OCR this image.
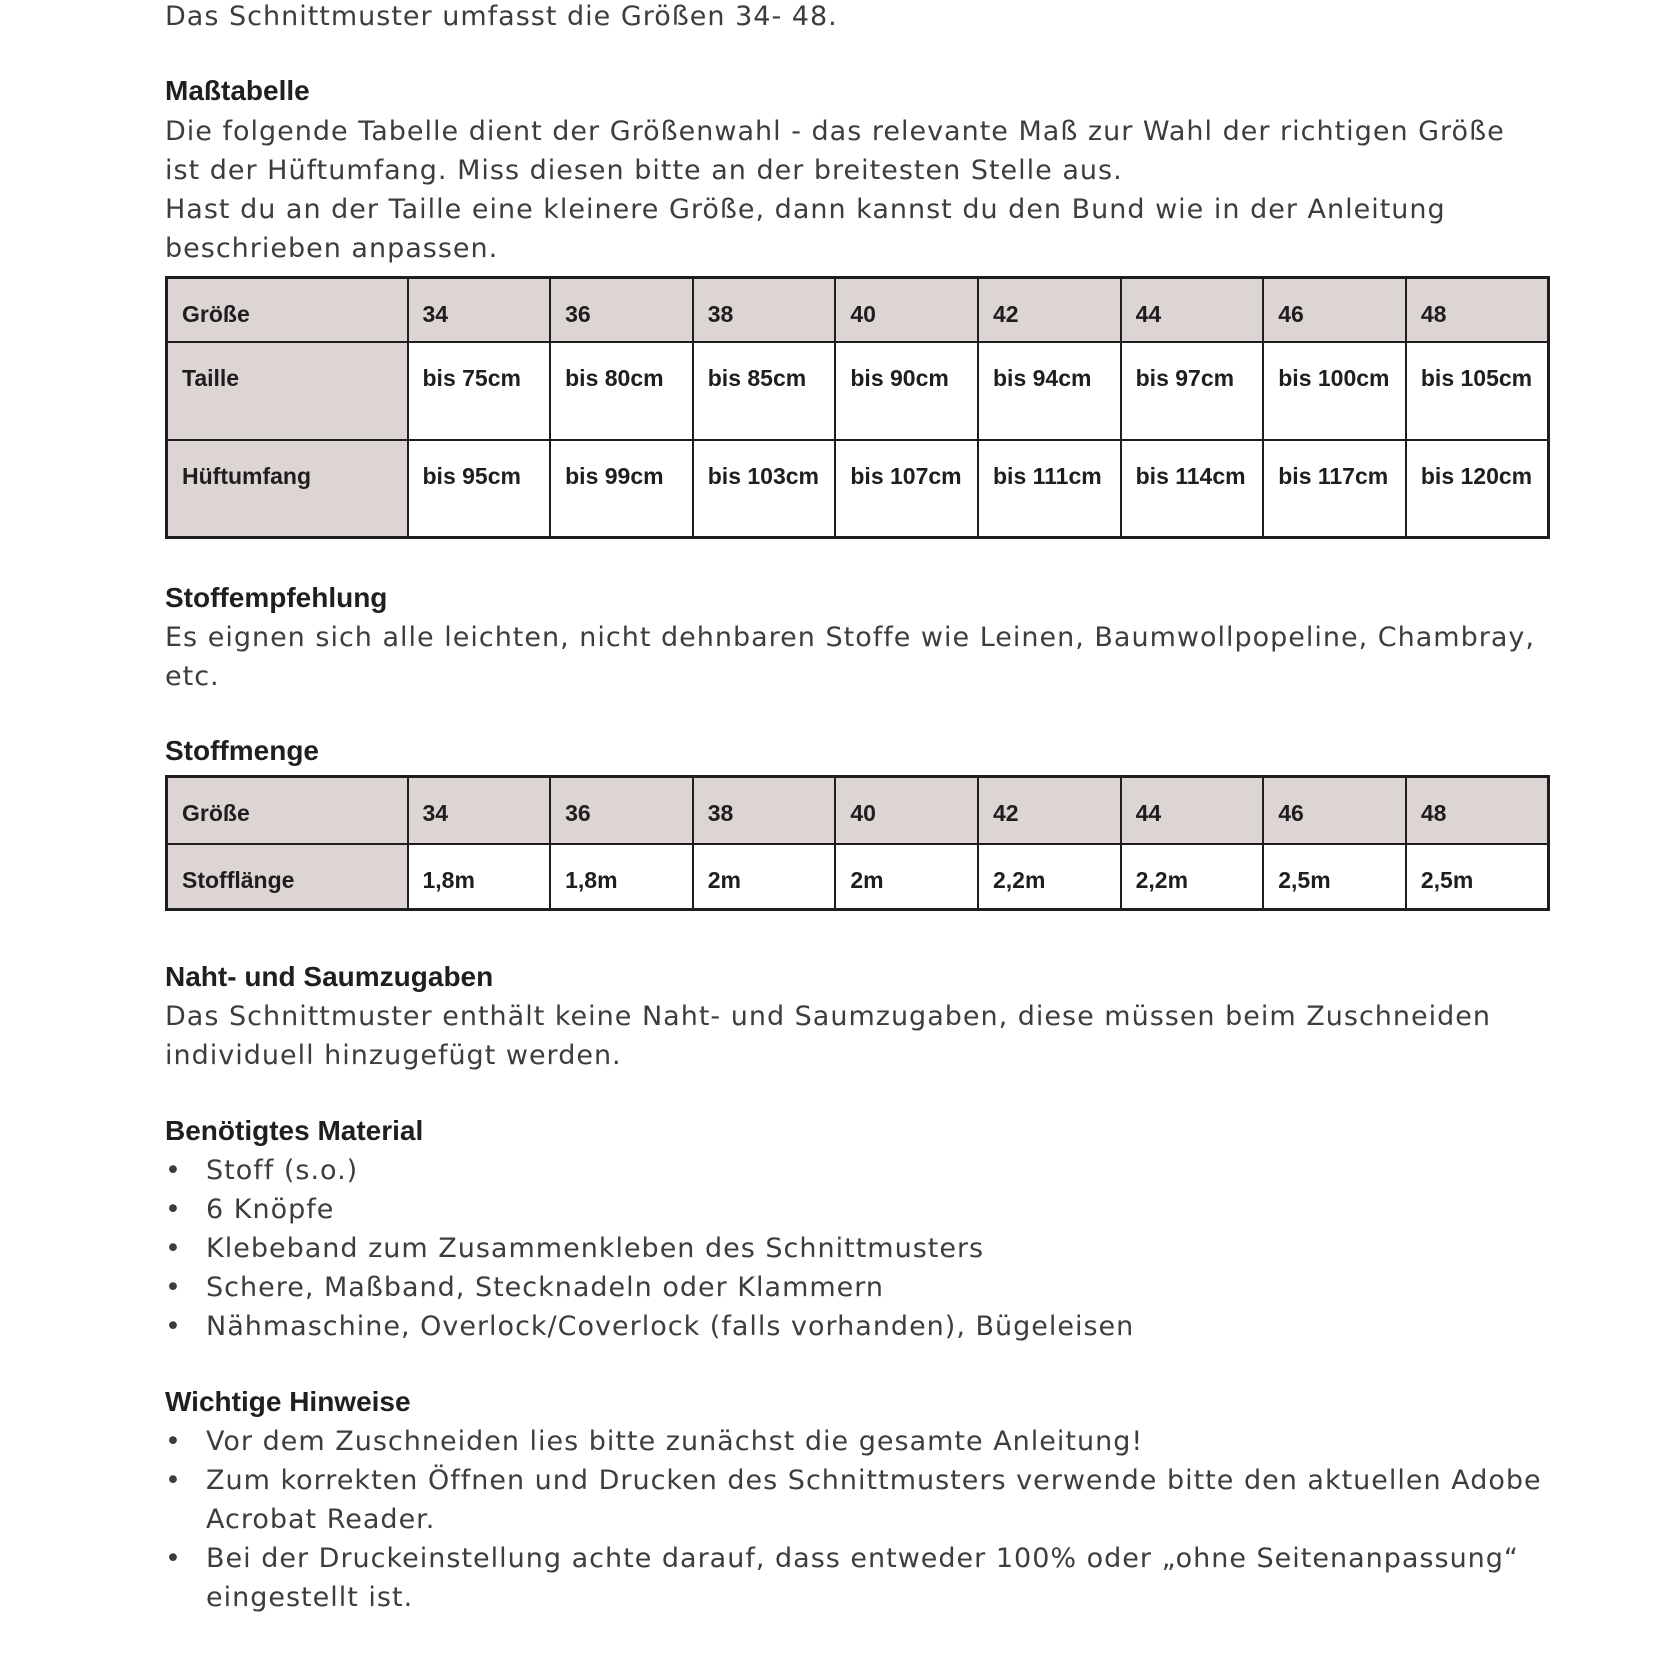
Das Schnittmuster umfasst die Größen 34- 48.

Maßtabelle

Die folgende Tabelle dient der Größenwahl - das relevante Maß zur Wahl der richtigen Größe
ist der Hüftumfang. Miss diesen bitte an der breitesten Stelle aus.
Hast du an der Taille eine kleinere Größe, dann kannst du den Bund wie in der Anleitung
beschrieben anpassen.

Größe	34	36	38	40	42	44	46	48
Taille	bis 75cm	bis 80cm	bis 85cm	bis 90cm	bis 94cm	bis 97cm	bis 100cm	bis 105cm
Hüftumfang	bis 95cm	bis 99cm	bis 103cm	bis 107cm	bis 111cm	bis 114cm	bis 117cm	bis 120cm
Stoffempfehlung

Es eignen sich alle leichten, nicht dehnbaren Stoffe wie Leinen, Baumwollpopeline, Chambray,
etc.

Stoffmenge
Größe	34	36	38	40	42	44	46	48
Stofflänge	1,8m	1,8m	2m	2m	2,2m	2,2m	2,5m	2,5m
Naht- und Saumzugaben

Das Schnittmuster enthält keine Naht- und Saumzugaben, diese müssen beim Zuschneiden
individuell hinzugefügt werden.

Benötigtes Material
• Stoff (s.o.)
• 6 Knöpfe
• Klebeband zum Zusammenkleben des Schnittmusters
• Schere, Maßband, Stecknadeln oder Klammern
• Nähmaschine, Overlock/Coverlock (falls vorhanden), Bügeleisen
Wichtige Hinweise
• Vor dem Zuschneiden lies bitte zunächst die gesamte Anleitung!
• Zum korrekten Öffnen und Drucken des Schnittmusters verwende bitte den aktuellen Adobe
Acrobat Reader.
• Bei der Druckeinstellung achte darauf, dass entweder 100% oder „ohne Seitenanpassung“
eingestellt ist.
